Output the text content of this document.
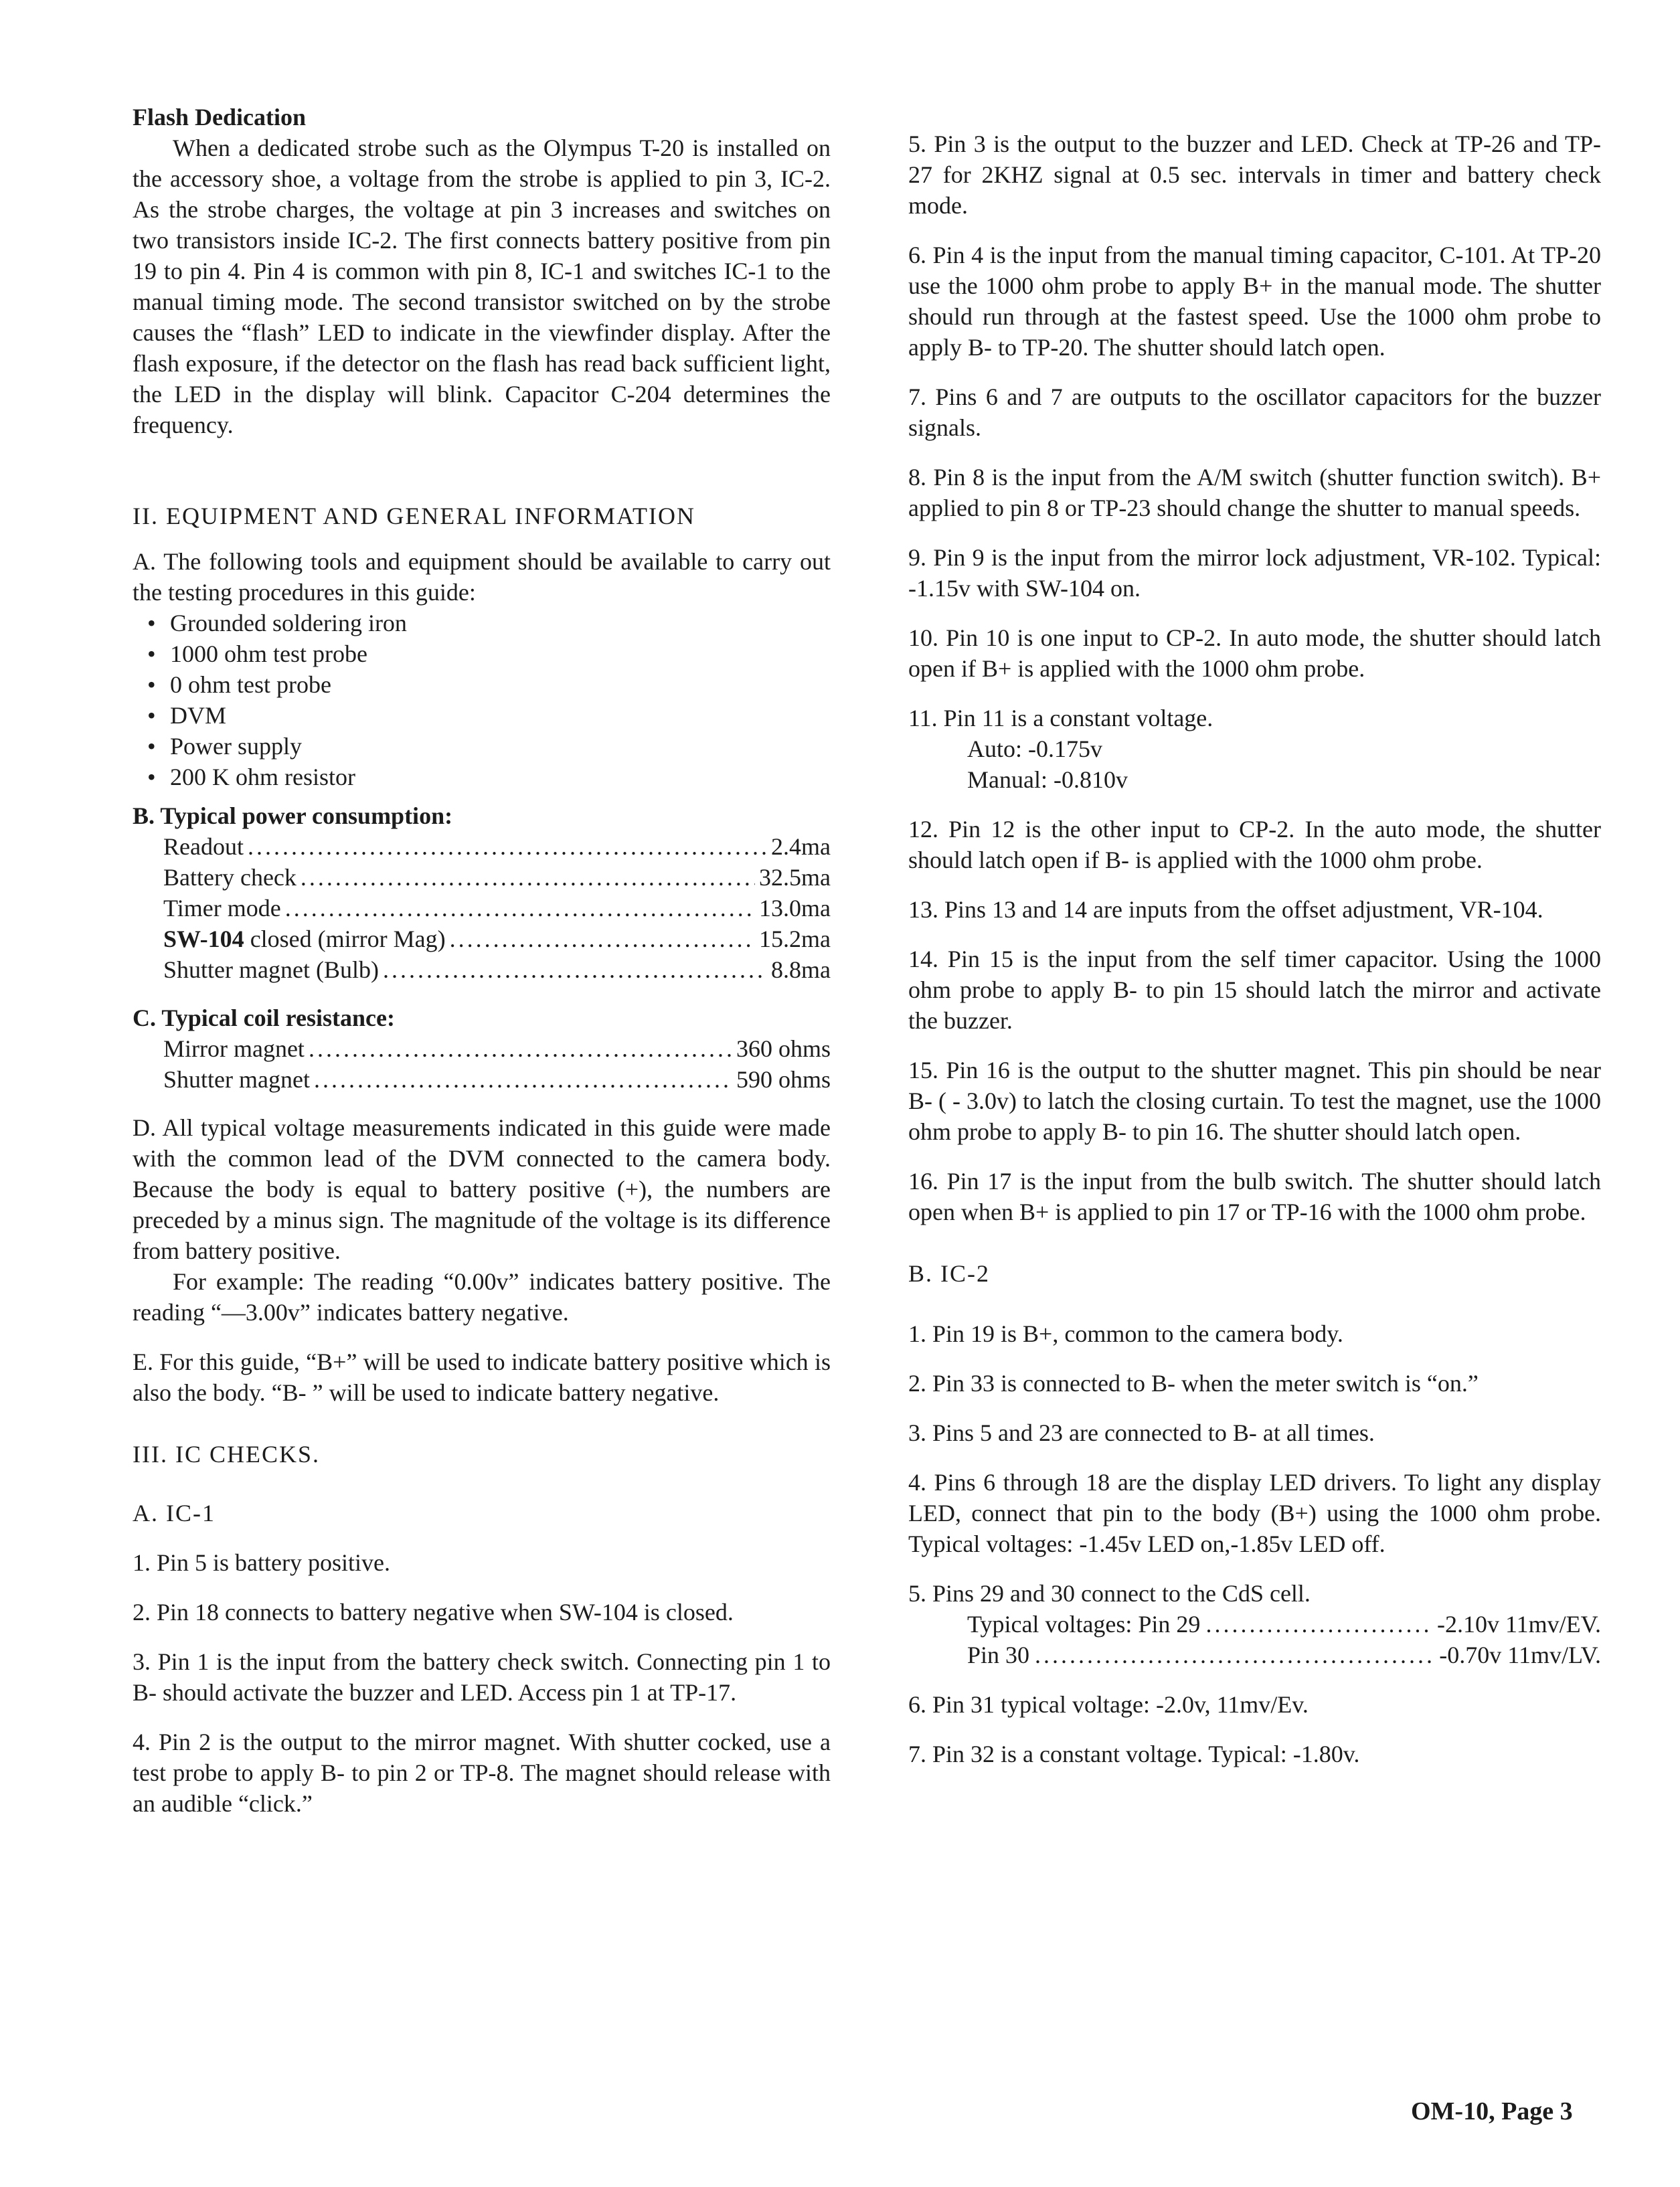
Flash Dedication

When a dedicated strobe such as the Olympus T-20 is installed on the accessory shoe, a voltage from the strobe is applied to pin 3, IC-2. As the strobe charges, the voltage at pin 3 increases and switches on two transistors inside IC-2. The first connects battery positive from pin 19 to pin 4. Pin 4 is common with pin 8, IC-1 and switches IC-1 to the manual timing mode. The second transistor switched on by the strobe causes the “flash” LED to indicate in the viewfinder display. After the flash exposure, if the detector on the flash has read back sufficient light, the LED in the display will blink. Capacitor C-204 determines the frequency.

II. EQUIPMENT AND GENERAL INFORMATION

A. The following tools and equipment should be available to carry out the testing procedures in this guide:

• Grounded soldering iron
• 1000 ohm test probe
• 0 ohm test probe
• DVM
• Power supply
• 200 K ohm resistor

B. Typical power consumption:

Readout .....	2.4ma
Battery check .....	32.5ma
Timer mode .....	13.0ma
SW-104 closed (mirror Mag) .....	15.2ma
Shutter magnet (Bulb) .....	8.8ma

C. Typical coil resistance:

Mirror magnet .....	360 ohms
Shutter magnet .....	590 ohms

D. All typical voltage measurements indicated in this guide were made with the common lead of the DVM connected to the camera body. Because the body is equal to battery positive (+), the numbers are preceded by a minus sign. The magnitude of the voltage is its difference from battery positive.

For example: The reading “0.00v” indicates battery positive. The reading “—3.00v” indicates battery negative.

E. For this guide, “B+” will be used to indicate battery positive which is also the body. “B- ” will be used to indicate battery negative.

III. IC CHECKS.

A. IC-1

1. Pin 5 is battery positive.

2. Pin 18 connects to battery negative when SW-104 is closed.

3. Pin 1 is the input from the battery check switch. Connecting pin 1 to B- should activate the buzzer and LED. Access pin 1 at TP-17.

4. Pin 2 is the output to the mirror magnet. With shutter cocked, use a test probe to apply B- to pin 2 or TP-8. The magnet should release with an audible “click.”

5. Pin 3 is the output to the buzzer and LED. Check at TP-26 and TP-27 for 2KHZ signal at 0.5 sec. intervals in timer and battery check mode.

6. Pin 4 is the input from the manual timing capacitor, C-101. At TP-20 use the 1000 ohm probe to apply B+ in the manual mode. The shutter should run through at the fastest speed. Use the 1000 ohm probe to apply B- to TP-20. The shutter should latch open.

7. Pins 6 and 7 are outputs to the oscillator capacitors for the buzzer signals.

8. Pin 8 is the input from the A/M switch (shutter function switch). B+ applied to pin 8 or TP-23 should change the shutter to manual speeds.

9. Pin 9 is the input from the mirror lock adjustment, VR-102. Typical: -1.15v with SW-104 on.

10. Pin 10 is one input to CP-2. In auto mode, the shutter should latch open if B+ is applied with the 1000 ohm probe.

11. Pin 11 is a constant voltage.

Auto: -0.175v

Manual: -0.810v

12. Pin 12 is the other input to CP-2. In the auto mode, the shutter should latch open if B- is applied with the 1000 ohm probe.

13. Pins 13 and 14 are inputs from the offset adjustment, VR-104.

14. Pin 15 is the input from the self timer capacitor. Using the 1000 ohm probe to apply B- to pin 15 should latch the mirror and activate the buzzer.

15. Pin 16 is the output to the shutter magnet. This pin should be near B- ( - 3.0v) to latch the closing curtain. To test the magnet, use the 1000 ohm probe to apply B- to pin 16. The shutter should latch open.

16. Pin 17 is the input from the bulb switch. The shutter should latch open when B+ is applied to pin 17 or TP-16 with the 1000 ohm probe.

B. IC-2

1. Pin 19 is B+, common to the camera body.

2. Pin 33 is connected to B- when the meter switch is “on.”

3. Pins 5 and 23 are connected to B- at all times.

4. Pins 6 through 18 are the display LED drivers. To light any display LED, connect that pin to the body (B+) using the 1000 ohm probe. Typical voltages: -1.45v LED on,-1.85v LED off.

5. Pins 29 and 30 connect to the CdS cell.

Typical voltages: Pin 29 .....	-2.10v 11mv/EV.
Pin 30 .....	-0.70v 11mv/LV.

6. Pin 31 typical voltage: -2.0v, 11mv/Ev.

7. Pin 32 is a constant voltage. Typical: -1.80v.

OM-10, Page 3
